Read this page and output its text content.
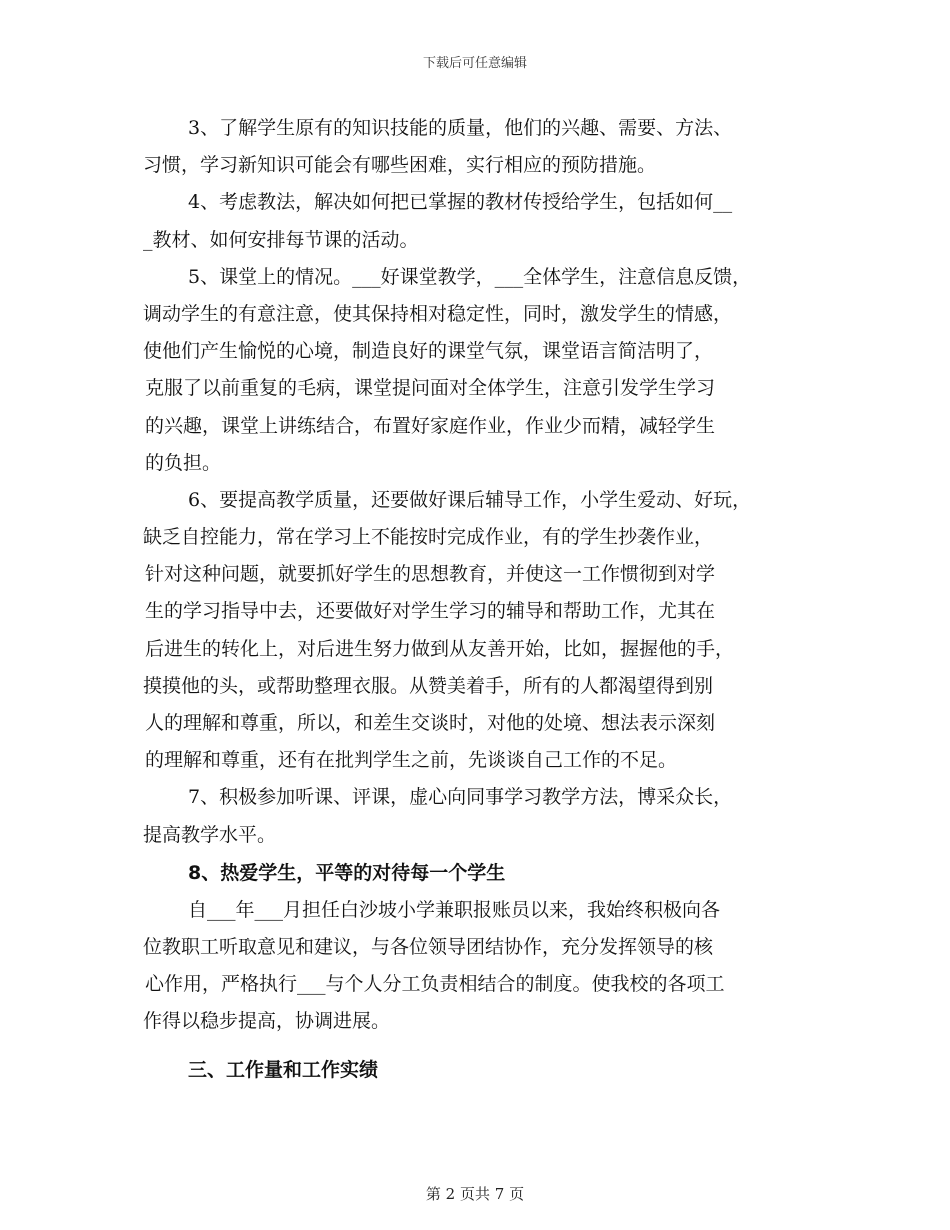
下载后可任意编辑
3、了解学生原有的知识技能的质量，他们的兴趣、需要、方法、
习惯，学习新知识可能会有哪些困难，实行相应的预防措施。
4、考虑教法，解决如何把已掌握的教材传授给学生，包括如何__
_教材、如何安排每节课的活动。
5、课堂上的情况。___好课堂教学，___全体学生，注意信息反馈，
调动学生的有意注意，使其保持相对稳定性，同时，激发学生的情感，
使他们产生愉悦的心境，制造良好的课堂气氛，课堂语言简洁明了，
克服了以前重复的毛病，课堂提问面对全体学生，注意引发学生学习
的兴趣，课堂上讲练结合，布置好家庭作业，作业少而精，减轻学生
的负担。
6、要提高教学质量，还要做好课后辅导工作，小学生爱动、好玩，
缺乏自控能力，常在学习上不能按时完成作业，有的学生抄袭作业，
针对这种问题，就要抓好学生的思想教育，并使这一工作惯彻到对学
生的学习指导中去，还要做好对学生学习的辅导和帮助工作，尤其在
后进生的转化上，对后进生努力做到从友善开始，比如，握握他的手，
摸摸他的头，或帮助整理衣服。从赞美着手，所有的人都渴望得到别
人的理解和尊重，所以，和差生交谈时，对他的处境、想法表示深刻
的理解和尊重，还有在批判学生之前，先谈谈自己工作的不足。
7、积极参加听课、评课，虚心向同事学习教学方法，博采众长，
提高教学水平。
8、热爱学生，平等的对待每一个学生
自___年___月担任白沙坡小学兼职报账员以来，我始终积极向各
位教职工听取意见和建议，与各位领导团结协作，充分发挥领导的核
心作用，严格执行___与个人分工负责相结合的制度。使我校的各项工
作得以稳步提高，协调进展。
三、工作量和工作实绩
第 2 页共 7 页
